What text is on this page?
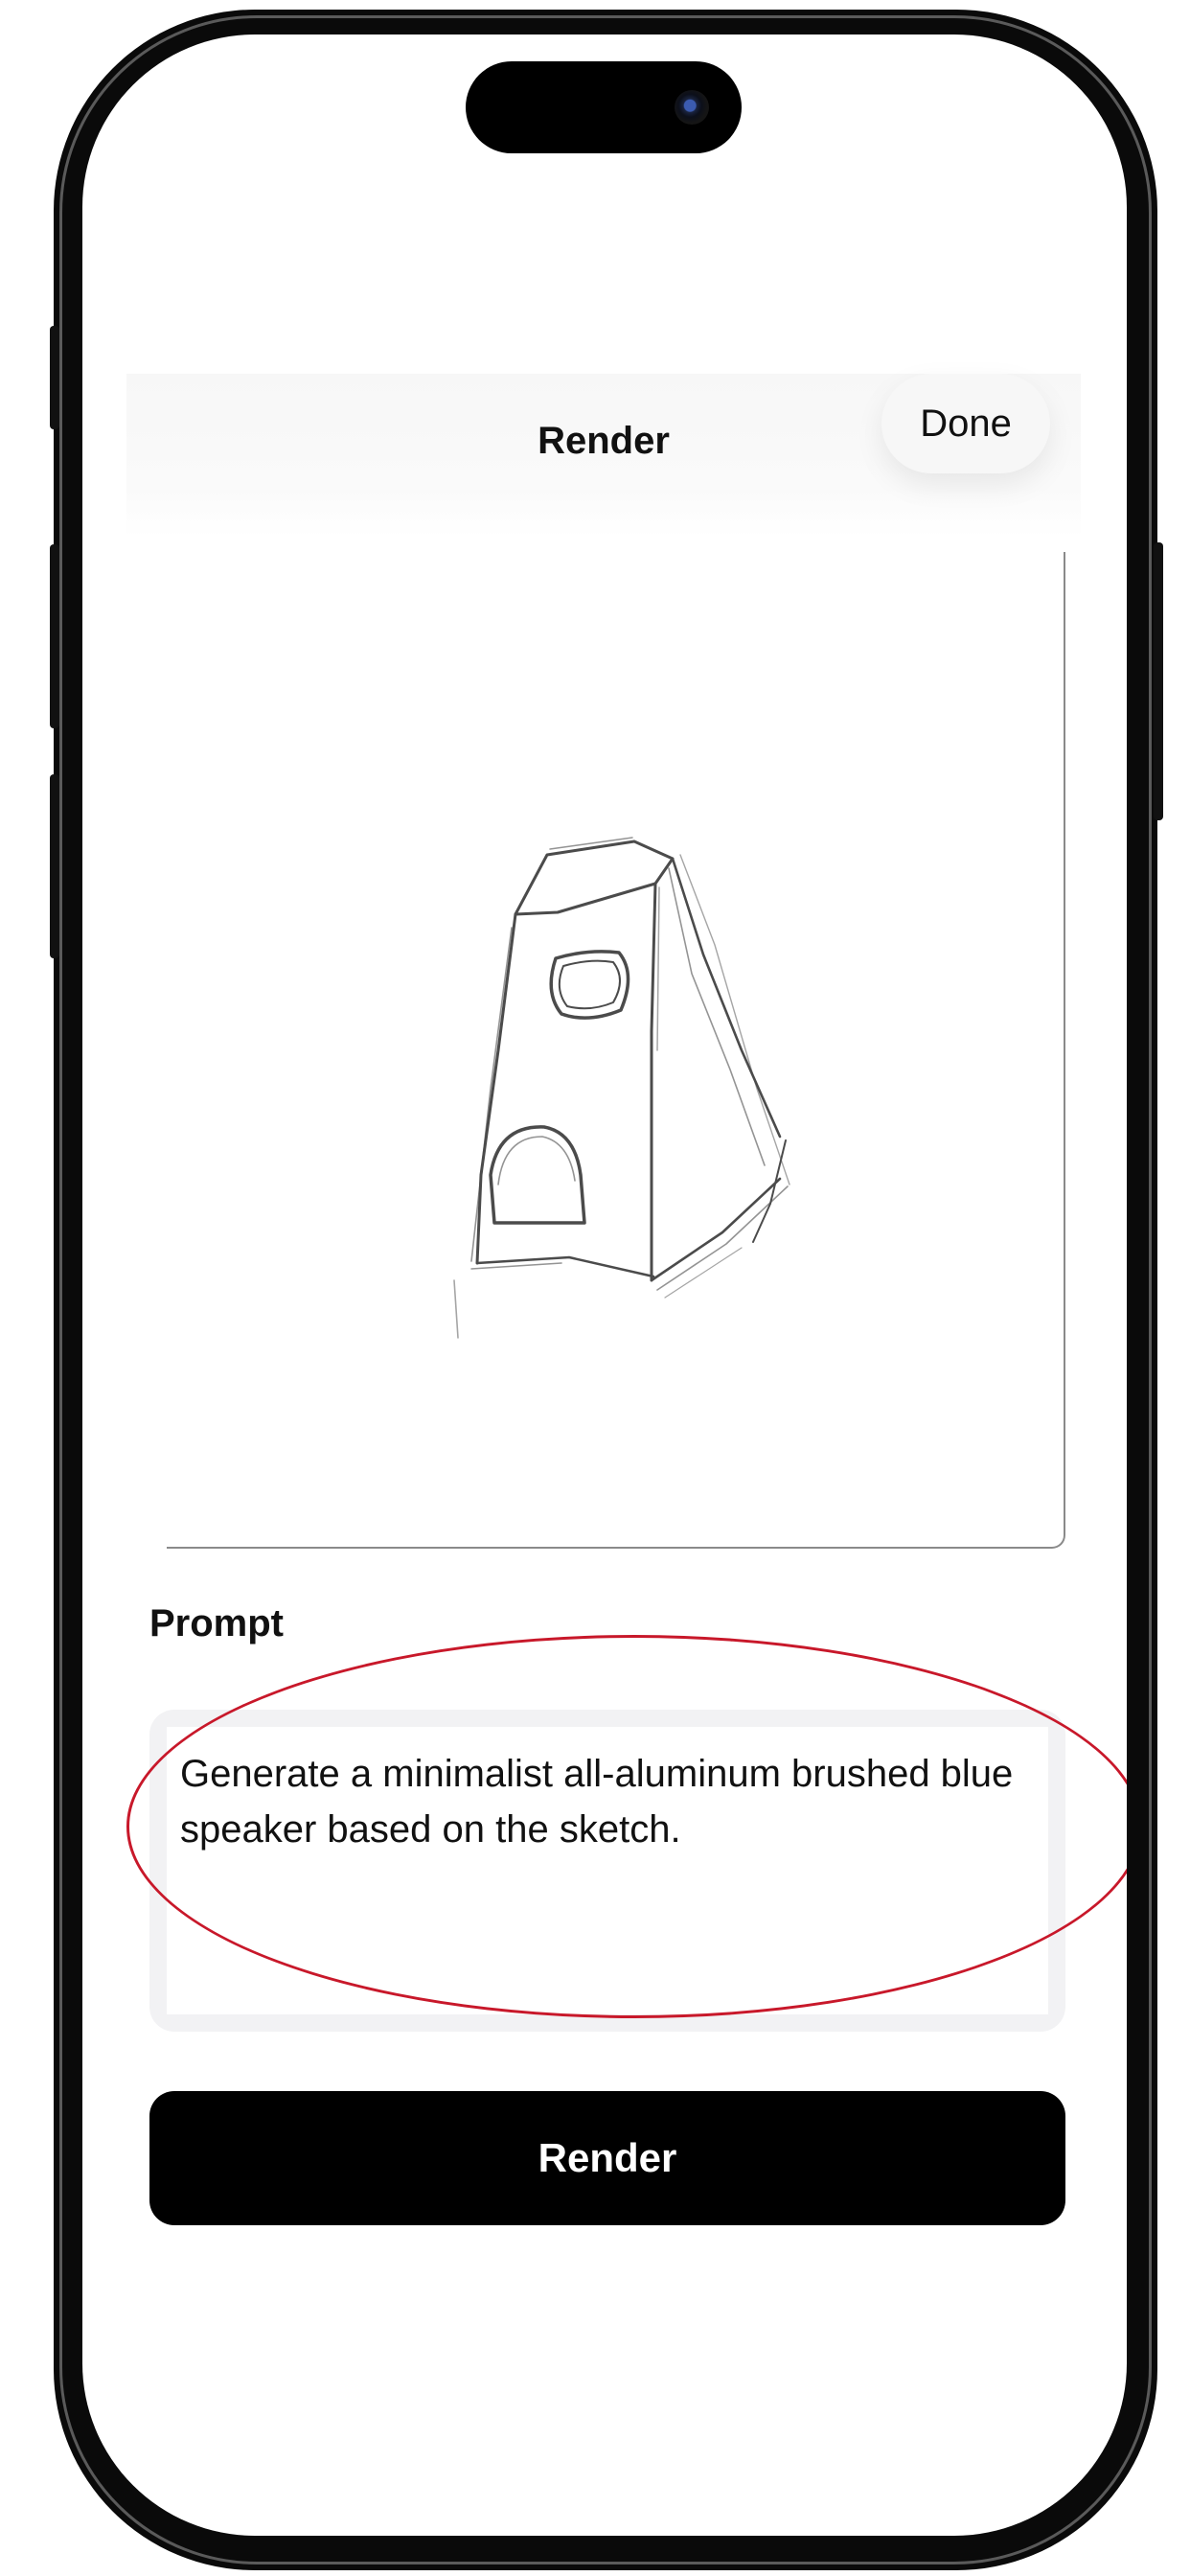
Render	Done
Prompt
Generate a minimalist all-aluminum brushed blue speaker based on the sketch.
Render
